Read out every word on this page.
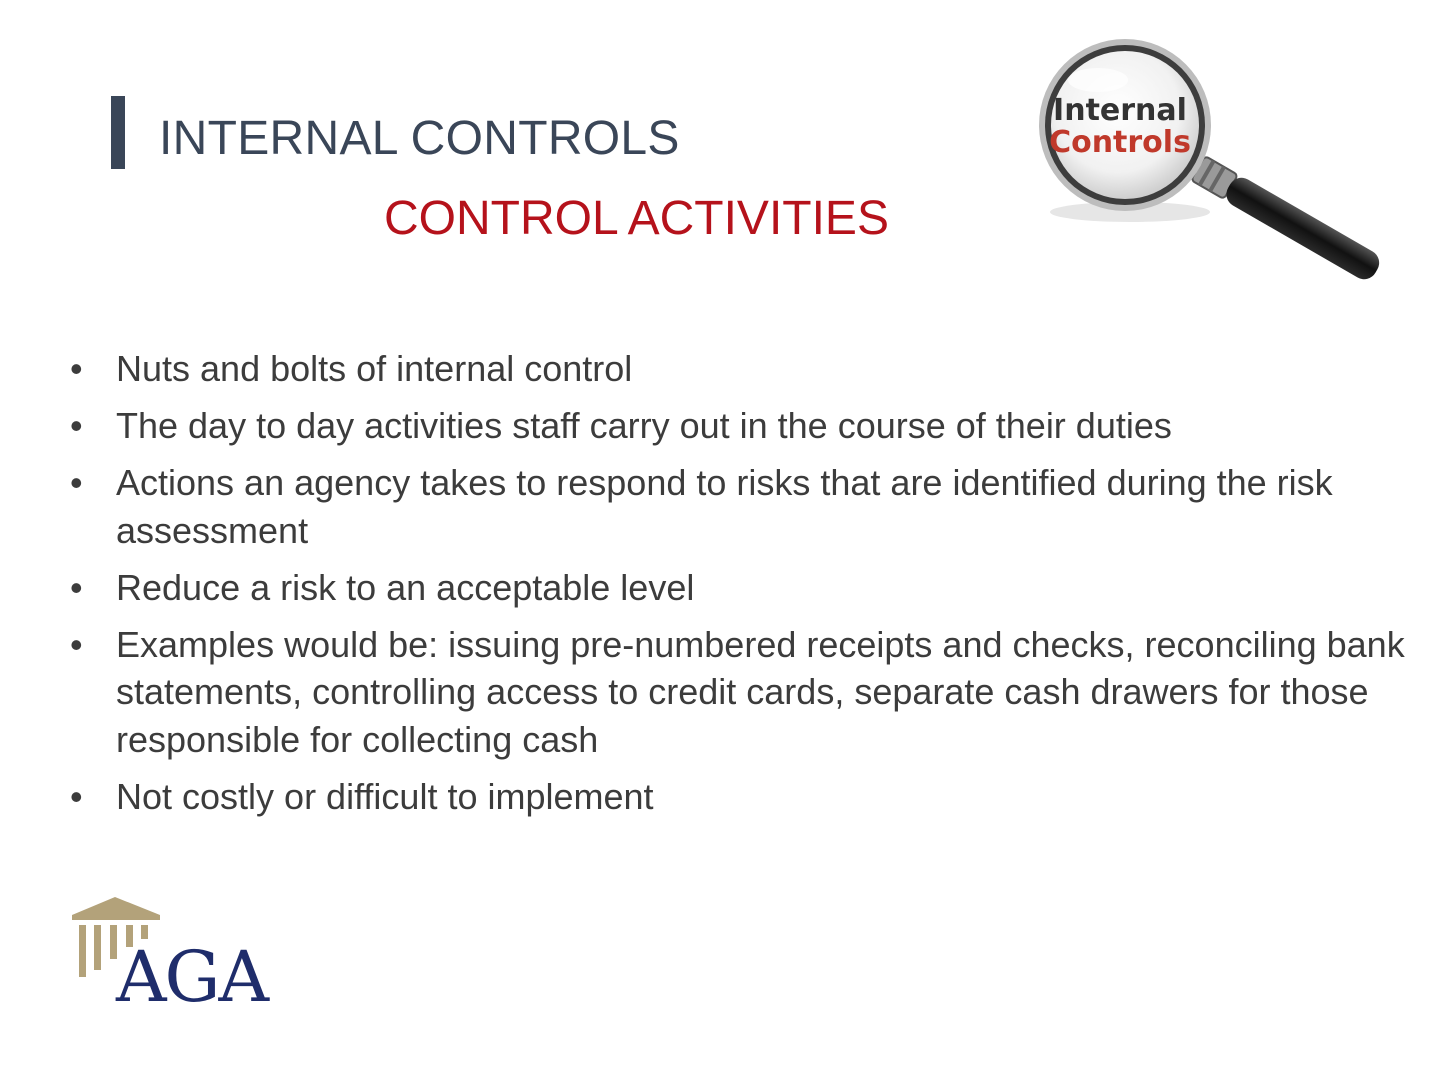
INTERNAL CONTROLS
CONTROL ACTIVITIES
Internal
Controls
• Nuts and bolts of internal control
• The day to day activities staff carry out in the course of their duties
• Actions an agency takes to respond to risks that are identified during the risk assessment
• Reduce a risk to an acceptable level
• Examples would be: issuing pre-numbered receipts and checks, reconciling bank statements, controlling access to credit cards, separate cash drawers for those responsible for collecting cash
• Not costly or difficult to implement
AGA
